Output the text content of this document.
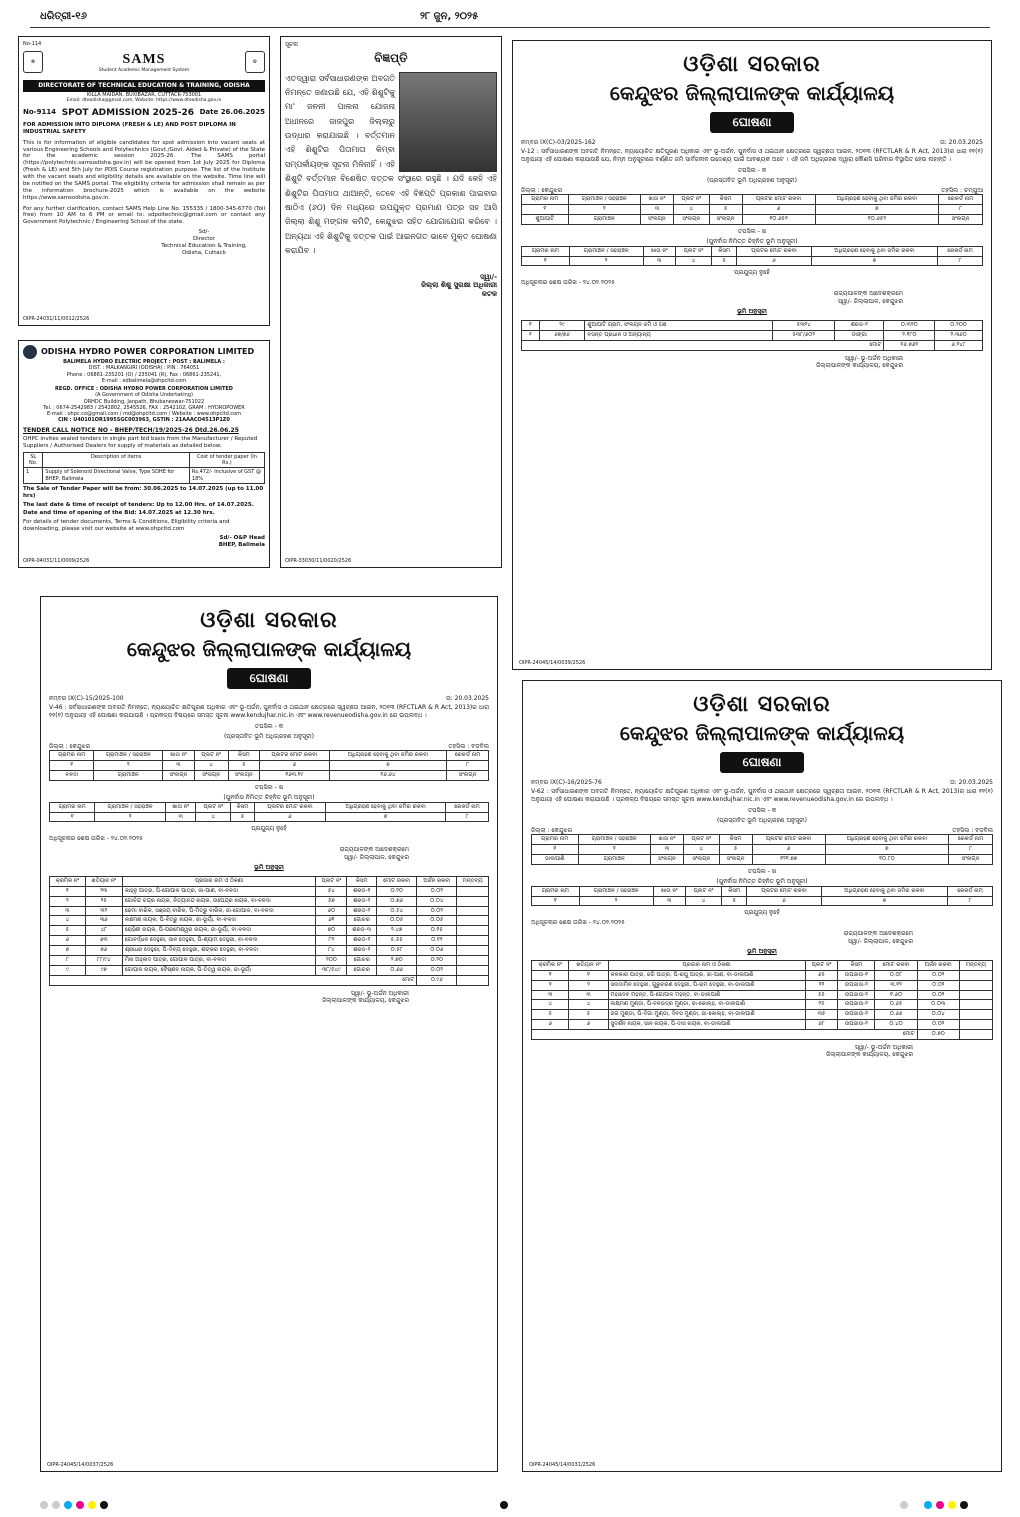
ଧରିତ୍ରୀ-୧୬	୨୮ ଜୁନ, ୨୦୨୫
No-114
☸	SAMS
Student Academic Management System
⚙
DIRECTORATE OF TECHNICAL EDUCATION & TRAINING, ODISHA
KILLA MAIDAN, BUXIBAZAR, CUTTACK-753001
Email: dteodisha@gmail.com, Website: https://www.dteodisha.gov.in
No-9114 SPOT ADMISSION 2025-26 Date 26.06.2025
FOR ADMISSION INTO DIPLOMA (FRESH & LE) AND POST DIPLOMA IN INDUSTRIAL SAFETY
This is for information of eligible candidates for spot admission into vacant seats at various Engineering Schools and Polytechnics (Govt./Govt. Aided & Private) of the State for the academic session 2025-26. The SAMS portal (https://polytechnic.samsodisha.gov.in) will be opened from 1st July 2025 for Diploma (Fresh & LE) and 5th July for PDIS Course registration purpose. The list of the Institute with the vacant seats and eligibility details are available on the website. Time line will be notified on the SAMS portal. The eligibility criteria for admission shall remain as per the information brochure-2025 which is available on the website https://www.samsodisha.gov.in.
For any further clarification, contact SAMS Help Line No. 155335 / 1800-345-6770 (Toll free) from 10 AM to 6 PM or email to: sdpoltechnic@gmail.com or contact any Government Polytechnic / Engineering School of the state.
Sd/-
Director
Technical Education & Training,
Odisha, Cuttack
OIPR-24031/11/0012/2526
ODISHA HYDRO POWER CORPORATION LIMITED
BALIMELA HYDRO ELECTRIC PROJECT : POST : BALIMELA :
DIST. : MALKANGIRI (ODISHA) : PIN : 764051
Phone : 06861-235201 (O) / 235041 (R), Fax : 06861-235241,
E-mail : edbalimela@ohpcltd.com
REGD. OFFICE : ODISHA HYDRO POWER CORPORATION LIMITED
(A Government of Odisha Undertaking)
ORHDC Building, Janpath, Bhubaneswar-751022
Tel. : 0674-2542983 / 2542802, 2545526, FAX : 2542102, GRAM : HYDROPOWER
E-mail : ohpc.co@gmail.com / md@ohpcltd.com / Website : www.ohpcltd.com
CIN : U40101OR1995SGC003963, GSTIN : 21AAACO4513P1Z0
TENDER CALL NOTICE NO - BHEP/TECH/19/2025-26 Dtd.26.06.25
OHPC invites sealed tenders in single part bid basis from the Manufacturer / Reputed Suppliers / Authorised Dealers for supply of materials as detailed below.
SL No.	Description of items	Cost of tender paper (In Rs.)
1	Supply of Solenoid Directional Valve, Type SDHE for BHEP, Balimela	Rs.472/- Inclusive of GST @ 18%
The Sale of Tender Paper will be from: 30.06.2025 to 14.07.2025 (up to 11.00 hrs)
The last date & time of receipt of tenders: Up to 12.00 Hrs. of 14.07.2025.
Date and time of opening of the Bid: 14.07.2025 at 12.30 hrs.
For details of tender documents, Terms & Conditions, Eligibility criteria and downloading, please visit our website at www.ohpcltd.com
Sd/- O&P Head
BHEP, Balimela
OIPR-04031/11/0009/2526
ସୂଚନା
ବିଜ୍ଞପ୍ତି
ଏତଦ୍ୱାରା ସର୍ବସାଧାରଣଙ୍କ ଅବଗତି ନିମନ୍ତେ ଜଣାଉଛି ଯେ, ଏହି ଶିଶୁଟିକୁ ମା' ଜନନୀ ପାଲନା ଯୋଜନା ଅଧୀନରେ ଜାଜପୁର ଜିଲ୍ଲାରୁ ଉଦ୍ଧାର କରାଯାଇଛି । ବର୍ତ୍ତମାନ ଏହି ଶିଶୁଟିର ପିତାମାତା କିମ୍ବା ସମ୍ପର୍କୀୟଙ୍କ ସୂଚନା ମିଳିନାହିଁ । ଏହି ଶିଶୁଟି ବର୍ତ୍ତମାନ ବିଶେଷିତ ଦତ୍ତକ ସଂସ୍ଥାରେ ରହୁଛି । ଯଦି କେହି ଏହି ଶିଶୁଟିର ପିତାମାତା ଥାଆନ୍ତି, ତେବେ ଏହି ବିଜ୍ଞପ୍ତି ପ୍ରକାଶ ପାଇବାର ଷାଠିଏ (୬୦) ଦିନ ମଧ୍ୟରେ ଉପଯୁକ୍ତ ପ୍ରମାଣ ପତ୍ର ସହ ଆସି ଜିଲ୍ଲା ଶିଶୁ ମଙ୍ଗଳ କମିଟି, କେନ୍ଦୁଝର ସହିତ ଯୋଗାଯୋଗ କରିବେ । ଅନ୍ୟଥା ଏହି ଶିଶୁଟିକୁ ଦତ୍ତକ ପାଇଁ ଆଇନଗତ ଭାବେ ମୁକ୍ତ ଘୋଷଣା କରାଯିବ ।
ସ୍ୱା/-
ଜିଲ୍ଲା ଶିଶୁ ସୁରକ୍ଷା ଅଧିକାରୀ
କଟକ
OIPR-33030/11/0020/2526
ଓଡ଼ିଶା ସରକାର
କେନ୍ଦୁଝର ଜିଲ୍ଲାପାଳଙ୍କ କାର୍ଯ୍ୟାଳୟ
ଘୋଷଣା
ନମ୍ବର IX(C)-03/2025-162	ତା: 20.03.2025
V-12 : ସର୍ବସାଧାରଣଙ୍କ ଅବଗତି ନିମନ୍ତେ, ନ୍ୟାୟୋଚିତ କ୍ଷତିପୂରଣ ଅଧିକାର ଏବଂ ଭୂ-ଅର୍ଜନ, ପୁନର୍ବାସ ଓ ଥଇଥାନ କ୍ଷେତ୍ରରେ ସ୍ୱଚ୍ଛତା ଆଇନ, ୨୦୧୩ (RFCTLAR & R Act, 2013)ର ଧାରା ୧୧(୧) ଅନୁଯାୟୀ ଏହି ଘୋଷଣା କରାଯାଉଛି ଯେ, ନିମ୍ନ ଅନୁସୂଚୀରେ ବର୍ଣ୍ଣିତ ଜମି ସାର୍ବଜନୀନ ଉଦ୍ଦେଶ୍ୟ ପାଇଁ ଆବଶ୍ୟକ ଅଟେ । ଏହି ଜମି ଅଧିଗ୍ରହଣ ଦ୍ୱାରା କୌଣସି ପରିବାର ବିସ୍ଥାପିତ ହେଉ ନାହାନ୍ତି ।
ତପସିଲ - କ
(ପ୍ରସ୍ତାବିତ ଭୂମି ଅଧିଗ୍ରହଣ ଅନୁସୂଚୀ)
ଜିଲ୍ଲା : କେନ୍ଦୁଝର	ତହସିଲ : ଚମ୍ପୁଆ
ଗ୍ରାମର ନାମ	ଗ୍ରାମାଞ୍ଚଳ / ସହରାଞ୍ଚଳ	ଖାତା ନଂ	ପ୍ଲଟ ନଂ	କିସମ	ପ୍ଲଟର ମୋଟ ରକବା	ଅଧିଗ୍ରହଣ ହେବାକୁ ଥିବା ଜମିର ରକବା	ରେକର୍ଡ ନାମ
୧	୨	୩	୪	୫	୬	୭	୮
ଶୁଆପାଟି	ଗ୍ରାମାଞ୍ଚଳ	ସଂଲଗ୍ନ	ସଂଲଗ୍ନ	ସଂଲଗ୍ନ	୧୦.୬୫୨	୧୦.୬୫୨	ସଂଲଗ୍ନ
ତପସିଲ - ଖ
(ପୁନର୍ବାସ ନିମିତ୍ତ ଚିହ୍ନିତ ଭୂମି ଅନୁସୂଚୀ)
ଗ୍ରାମର ନାମ	ଗ୍ରାମାଞ୍ଚଳ / ସହରାଞ୍ଚଳ	ଖାତା ନଂ	ପ୍ଲଟ ନଂ	କିସମ	ପ୍ଲଟର ମୋଟ ରକବା	ଅଧିଗ୍ରହଣ ହେବାକୁ ଥିବା ଜମିର ରକବା	ରେକର୍ଡ ନାମ
୧	୨	୩	୪	୫	୬	୭	୮
ପ୍ରଯୁଜ୍ୟ ନୁହେଁ
ଅଧିସୂଚନାର ଶେଷ ତାରିଖ - ୨୪.୦୨.୨୦୨୫
ରାଜ୍ୟପାଳଙ୍କ ଆଦେଶକ୍ରମେ
ସ୍ୱା/- ଜିଲ୍ଲାପାଳ, କେନ୍ଦୁଝର
ଭୂମି ଅନୁସୂଚୀ
୧	୨୯	ଶୁଆପାଟି ଗ୍ରାମ, ସଂଲଗ୍ନ ଜମି ଓ ଗଛ	୫୩୧୪	ଶରଡ-୨	୦.୩୨୦	୦.୨୦୦
୨	୬୭/୭୬	ବସନ୍ତ ପ୍ରଧାନ ଓ ଅନ୍ୟାନ୍ୟ	୫୩୮/୬୦୨	ଡାଙ୍ଗା	୨.୧୮୦	୨.୩୬୦
ମୋଟ					୧୬.୭୬୨	୬.୨୪୮
ସ୍ୱା/- ଭୂ-ଅର୍ଜନ ଅଧିକାରୀ
ଜିଲ୍ଲାପାଳଙ୍କ କାର୍ଯ୍ୟାଳୟ, କେନ୍ଦୁଝର
OIPR-24045/14/0039/2526
ଓଡ଼ିଶା ସରକାର
କେନ୍ଦୁଝର ଜିଲ୍ଲାପାଳଙ୍କ କାର୍ଯ୍ୟାଳୟ
ଘୋଷଣା
ନମ୍ବର IX(C)-15/2025-100	ତା: 20.03.2025
V-46 : ସର୍ବସାଧାରଣଙ୍କ ଅବଗତି ନିମନ୍ତେ, ନ୍ୟାୟୋଚିତ କ୍ଷତିପୂରଣ ଅଧିକାର ଏବଂ ଭୂ-ଅର୍ଜନ, ପୁନର୍ବାସ ଓ ଥଇଥାନ କ୍ଷେତ୍ରରେ ସ୍ୱଚ୍ଛତା ଆଇନ, ୨୦୧୩ (RFCTLAR & R Act, 2013)ର ଧାରା ୧୧(୧) ଅନୁଯାୟୀ ଏହି ଘୋଷଣା କରାଯାଉଛି । ପ୍ରକଳ୍ପ ବିଷୟରେ ସମସ୍ତ ସୂଚନା www.kendujhar.nic.in ଏବଂ www.revenueodisha.gov.in ରେ ଉପଲବ୍ଧ ।
ତପସିଲ - କ
(ପ୍ରସ୍ତାବିତ ଭୂମି ଅଧିଗ୍ରହଣ ଅନୁସୂଚୀ)
ଜିଲ୍ଲା : କେନ୍ଦୁଝର	ତହସିଲ : ବଡ଼ବିଲ
ଗ୍ରାମର ନାମ	ଗ୍ରାମାଞ୍ଚଳ / ସହରାଞ୍ଚଳ	ଖାତା ନଂ	ପ୍ଲଟ ନଂ	କିସମ	ପ୍ଲଟର ମୋଟ ରକବା	ଅଧିଗ୍ରହଣ ହେବାକୁ ଥିବା ଜମିର ରକବା	ରେକର୍ଡ ନାମ
୧	୨	୩	୪	୫	୬	୭	୮
ବଳଦା	ଗ୍ରାମାଞ୍ଚଳ	ସଂଲଗ୍ନ	ସଂଲଗ୍ନ	ସଂଲଗ୍ନ	୧୬୩.୧୯	୧୬.୬୪	ସଂଲଗ୍ନ
ତପସିଲ - ଖ
(ପୁନର୍ବାସ ନିମିତ୍ତ ଚିହ୍ନିତ ଭୂମି ଅନୁସୂଚୀ)
ଗ୍ରାମର ନାମ	ଗ୍ରାମାଞ୍ଚଳ / ସହରାଞ୍ଚଳ	ଖାତା ନଂ	ପ୍ଲଟ ନଂ	କିସମ	ପ୍ଲଟର ମୋଟ ରକବା	ଅଧିଗ୍ରହଣ ହେବାକୁ ଥିବା ଜମିର ରକବା	ରେକର୍ଡ ନାମ
୧	୨	୩	୪	୫	୬	୭	୮
ପ୍ରଯୁଜ୍ୟ ନୁହେଁ
ଅଧିସୂଚନାର ଶେଷ ତାରିଖ - ୨୪.୦୨.୨୦୨୫
ରାଜ୍ୟପାଳଙ୍କ ଆଦେଶକ୍ରମେ
ସ୍ୱା/- ଜିଲ୍ଲାପାଳ, କେନ୍ଦୁଝର
ଭୂମି ଅନୁସୂଚୀ
କ୍ରମିକ ନଂ	ଖତିୟାନ ନଂ	ପ୍ରଜାର ନାମ ଓ ଠିକଣା	ପ୍ଲଟ ନଂ	କିସମ	ମୋଟ ରକବା	ଅର୍ଜନ ରକବା	ମନ୍ତବ୍ୟ
୧	୨୩	କାହ୍ନୁ ପାତ୍ର, ପି-ଗୋପାଳ ପାତ୍ର, ଜା-ପାଣ, ବା-ବଳଦା	୫୪	ଶରଡ-୧	୦.୨୦	୦.୦୨	
୨	୨୫	ଗୋବିନ୍ଦ ଚନ୍ଦ୍ର ନାୟକ, ନିତ୍ୟାନନ୍ଦ ନାୟକ, ଉପେନ୍ଦ୍ର ନାୟକ, ବା-ବଳଦା	୫୭	ଶରଡ-୨	୦.୭୬	୦.୦୪	
୩	୩୨	ଢେମା ବାରିକ, ସଞ୍ଜୟ ବାରିକ, ପି-ମିତ୍ରୁ ବାରିକ, ଜା-ଗୋପାଳ, ବା-ବଳଦା	୬୦	ଶରଡ-୨	୦.୫୪	୦.୦୨	
୪	୩୬	ଲଛମଣ ନାୟକ, ପି-ବିତ୍ରୁ ନାୟକ, ଜା-ଭୂୟାଁ, ବା-ବଳଦା	୬୧	ଗୋଚର	୦.୦୫	୦.୦୫	
୫	୪୮	ରୋହିଣୀ ନାୟକ, ପି-ପରମେଶ୍ୱର ନାୟକ, ଜା-ଭୂୟାଁ, ବା-ବଳଦା	୭୦	ଶରଡ-୩	୨.୪୭	୦.୧୫	
୬	୬୩	ଗୋବର୍ଦ୍ଧନ ଦେହୁରୀ, ସାନ ଦେହୁରୀ, ପି-ଶ୍ୟାମ ଦେହୁରୀ, ବା-ବଳଦା	୮୨	ଶରଡ-୨	୫.୫୫	୦.୧୨	
୭	୭୬	ଶ୍ରୀଧର ଦେହୁରୀ, ପି-ଦିବ୍ୟ ଦେହୁରୀ, ଶଙ୍କର ଦେହୁରୀ, ବା-ବଳଦା	୮୪	ଶରଡ-୨	୦.୫୮	୦.୦୬	
୮	୮୮/୯୪	ମିନା ଅହ୍ଲାଦ ପାତ୍ର, ଗୋପାଳ ପାତ୍ର, ବା-ବଳଦା	୨୦୦	ଗୋଚର	୨.୭୦	୦.୨୦	
୯	୯୭	ଗୋପାଳ ନାୟକ, ବୈଷ୍ଣବ ନାୟକ, ପି-ତିତ୍ୱ ନାୟକ, ଜା-ଭୂୟାଁ	୩୮/୫୪୯	ଗୋଚର	୦.୬୬	୦.୦୨	
ମୋଟ						୦.୯୬	
ସ୍ୱା/- ଭୂ-ଅର୍ଜନ ଅଧିକାରୀ
ଜିଲ୍ଲାପାଳଙ୍କ କାର୍ଯ୍ୟାଳୟ, କେନ୍ଦୁଝର
OIPR-24045/14/0037/2526
ଓଡ଼ିଶା ସରକାର
କେନ୍ଦୁଝର ଜିଲ୍ଲାପାଳଙ୍କ କାର୍ଯ୍ୟାଳୟ
ଘୋଷଣା
ନମ୍ବର IX(C)-16/2025-76	ତା: 20.03.2025
V-62 : ସର୍ବସାଧାରଣଙ୍କ ଅବଗତି ନିମନ୍ତେ, ନ୍ୟାୟୋଚିତ କ୍ଷତିପୂରଣ ଅଧିକାର ଏବଂ ଭୂ-ଅର୍ଜନ, ପୁନର୍ବାସ ଓ ଥଇଥାନ କ୍ଷେତ୍ରରେ ସ୍ୱଚ୍ଛତା ଆଇନ, ୨୦୧୩ (RFCTLAR & R Act, 2013)ର ଧାରା ୧୧(୧) ଅନୁଯାୟୀ ଏହି ଘୋଷଣା କରାଯାଉଛି । ପ୍ରକଳ୍ପ ବିଷୟରେ ସମସ୍ତ ସୂଚନା www.kendujhar.nic.in ଏବଂ www.revenueodisha.gov.in ରେ ଉପଲବ୍ଧ ।
ତପସିଲ - କ
(ପ୍ରସ୍ତାବିତ ଭୂମି ଅଧିଗ୍ରହଣ ଅନୁସୂଚୀ)
ଜିଲ୍ଲା : କେନ୍ଦୁଝର	ତହସିଲ : ବଡ଼ବିଲ
ଗ୍ରାମର ନାମ	ଗ୍ରାମାଞ୍ଚଳ / ସହରାଞ୍ଚଳ	ଖାତା ନଂ	ପ୍ଲଟ ନଂ	କିସମ	ପ୍ଲଟର ମୋଟ ରକବା	ଅଧିଗ୍ରହଣ ହେବାକୁ ଥିବା ଜମିର ରକବା	ରେକର୍ଡ ନାମ
୧	୨	୩	୪	୫	୬	୭	୮
ଡାଲପାଣି	ଗ୍ରାମାଞ୍ଚଳ	ସଂଲଗ୍ନ	ସଂଲଗ୍ନ	ସଂଲଗ୍ନ	୧୨୧.୭୭	୧୦.୮୦	ସଂଲଗ୍ନ
ତପସିଲ - ଖ
(ପୁନର୍ବାସ ନିମିତ୍ତ ଚିହ୍ନିତ ଭୂମି ଅନୁସୂଚୀ)
ଗ୍ରାମର ନାମ	ଗ୍ରାମାଞ୍ଚଳ / ସହରାଞ୍ଚଳ	ଖାତା ନଂ	ପ୍ଲଟ ନଂ	କିସମ	ପ୍ଲଟର ମୋଟ ରକବା	ଅଧିଗ୍ରହଣ ହେବାକୁ ଥିବା ଜମିର ରକବା	ରେକର୍ଡ ନାମ
୧	୨	୩	୪	୫	୬	୭	୮
ପ୍ରଯୁଜ୍ୟ ନୁହେଁ
ଅଧିସୂଚନାର ଶେଷ ତାରିଖ - ୨୪.୦୨.୨୦୨୫
ରାଜ୍ୟପାଳଙ୍କ ଆଦେଶକ୍ରମେ
ସ୍ୱା/- ଜିଲ୍ଲାପାଳ, କେନ୍ଦୁଝର
ଭୂମି ଅନୁସୂଚୀ
କ୍ରମିକ ନଂ	ଖତିୟାନ ନଂ	ପ୍ରଜାର ନାମ ଓ ଠିକଣା	ପ୍ଲଟ ନଂ	କିସମ	ମୋଟ ରକବା	ଅର୍ଜନ ରକବା	ମନ୍ତବ୍ୟ
୧	୧	କଳକାର ପାତ୍ର, ଜଗି ପାତ୍ର, ପି-ରଘୁ ପାତ୍ର, ଜା-ପାଣ, ବା-ଡାଲପାଣି	୬୫	ଉପଜାଉ-୧	୦.୦୮	୦.୦୨	
୨	୨	ସଉଦାମିନ ଦେହୁରୀ, ଗୁରୁଚରଣ ଦେହୁରୀ, ପି-ରାମ ଦେହୁରୀ, ବା-ଡାଲପାଣି	୨୨	ଉପଜାଉ-୨	୩.୧୨	୦.୦୨	
୩	୩	ମହାଦେବ ମହନ୍ତ, ପି-ଗୋପାଳ ମହନ୍ତ, ବା-ଡାଲପାଣି	୫୫	ଉପଜାଉ-୨	୧.୬୦	୦.୦୨	
୪	୪	ଲକ୍ଷ୍ମଣ ମୁଣ୍ଡା, ପି-ବଳଭଦ୍ର ମୁଣ୍ଡା, ଜା-କୋଲ୍ହ, ବା-ଡାଲପାଣି	୨୫	ଉପଜାଉ-୨	୦.୬୫	୦.୦୩	
୫	୫	ଜଗ ମୁଣ୍ଡା, ପି-ଦିଗା ମୁଣ୍ଡା, ଦିବସ ମୁଣ୍ଡା, ଜା-କୋଲ୍ହ, ବା-ଡାଲପାଣି	୩୫	ଉପଜାଉ-୨	୦.୬୬	୦.୦୪	
୬	୬	ସୁଦର୍ଶନ ନାୟକ, ସାନ ନାୟକ, ପି-ଦାସ ନାୟକ, ବା-ଡାଲପାଣି	୬୮	ଉପଜାଉ-୨	୦.୪୦	୦.୦୨	
ମୋଟ						୦.୭୦	
ସ୍ୱା/- ଭୂ-ଅର୍ଜନ ଅଧିକାରୀ
ଜିଲ୍ଲାପାଳଙ୍କ କାର୍ଯ୍ୟାଳୟ, କେନ୍ଦୁଝର
OIPR-24045/14/0031/2526
